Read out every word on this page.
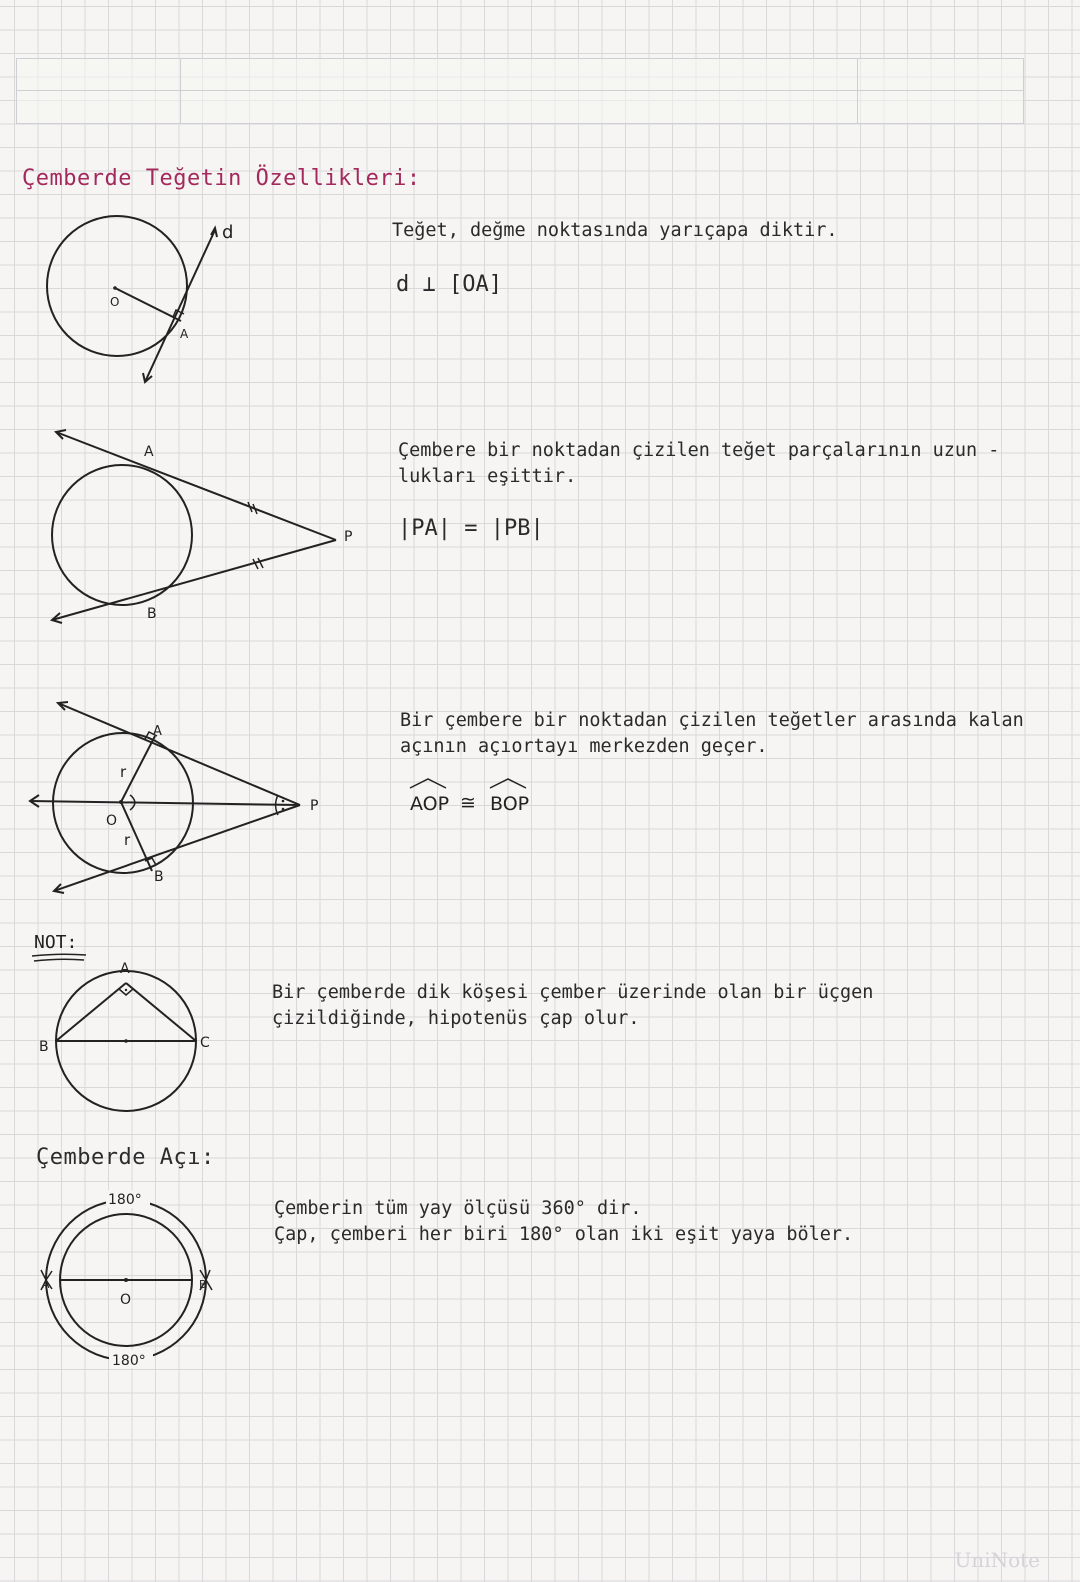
Çemberde Teğetin Özellikleri:
d
O
A
Teğet, değme noktasında yarıçapa diktir.
d ⊥ [OA]
A
B
P
Çembere bir noktadan çizilen teğet parçalarının uzun -
lukları eşittir.
|PA| = |PB|
A
B
O
P
r
r
Bir çembere bir noktadan çizilen teğetler arasında kalan
açının açıortayı merkezden geçer.
AOP ≅ BOP
NOT:
A
B	C
Bir çemberde dik köşesi çember üzerinde olan bir üçgen
çizildiğinde, hipotenüs çap olur.
Çemberde Açı:
180°
180°
A	B
O
Çemberin tüm yay ölçüsü 360° dir.
Çap, çemberi her biri 180° olan iki eşit yaya böler.
UniNote
